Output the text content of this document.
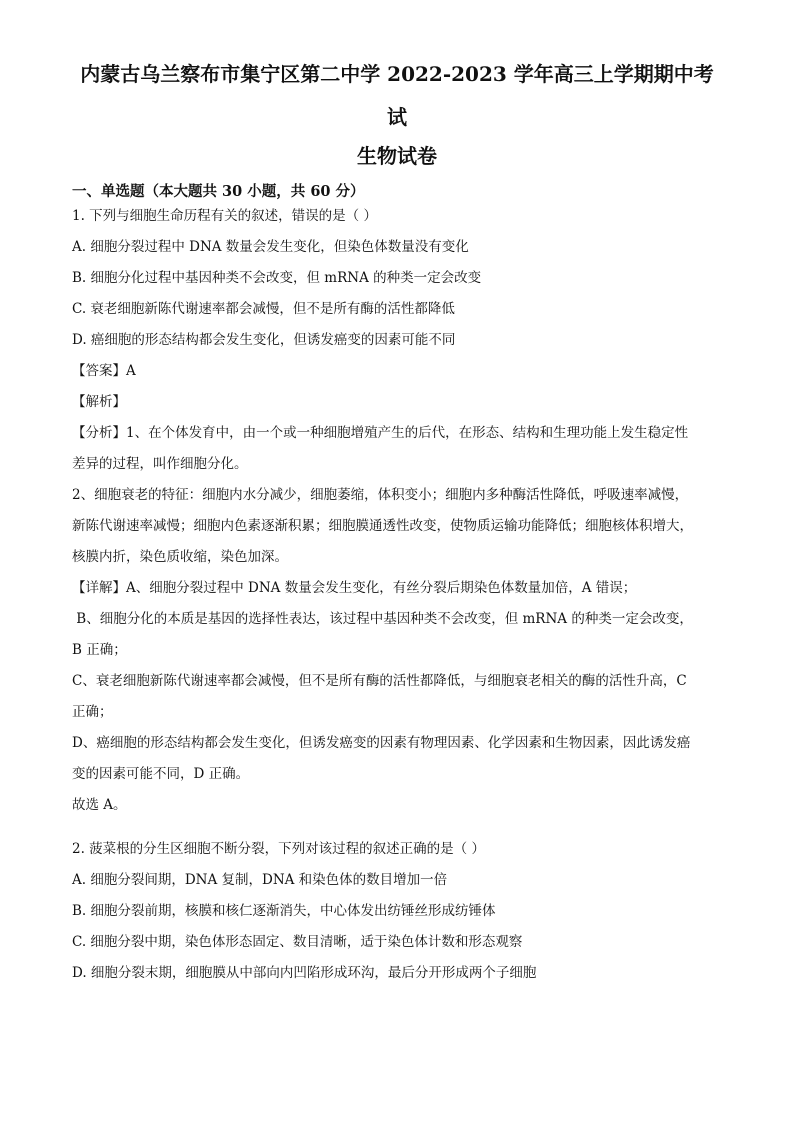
内蒙古乌兰察布市集宁区第二中学 2022-2023 学年高三上学期期中考

试

生物试卷

一、单选题（本大题共 30 小题，共 60 分）

1. 下列与细胞生命历程有关的叙述，错误的是（ ）

A. 细胞分裂过程中 DNA 数量会发生变化，但染色体数量没有变化

B. 细胞分化过程中基因种类不会改变，但 mRNA 的种类一定会改变

C. 衰老细胞新陈代谢速率都会减慢，但不是所有酶的活性都降低

D. 癌细胞的形态结构都会发生变化，但诱发癌变的因素可能不同

【答案】A

【解析】

【分析】1、在个体发育中，由一个或一种细胞增殖产生的后代，在形态、结构和生理功能上发生稳定性

差异的过程，叫作细胞分化。

2、细胞衰老的特征：细胞内水分减少，细胞萎缩，体积变小；细胞内多种酶活性降低，呼吸速率减慢，

新陈代谢速率减慢；细胞内色素逐渐积累；细胞膜通透性改变，使物质运输功能降低；细胞核体积增大，

核膜内折，染色质收缩，染色加深。

【详解】A、细胞分裂过程中 DNA 数量会发生变化，有丝分裂后期染色体数量加倍，A 错误；

B、细胞分化的本质是基因的选择性表达，该过程中基因种类不会改变，但 mRNA 的种类一定会改变，

B 正确；

C、衰老细胞新陈代谢速率都会减慢，但不是所有酶的活性都降低，与细胞衰老相关的酶的活性升高，C

正确；

D、癌细胞的形态结构都会发生变化，但诱发癌变的因素有物理因素、化学因素和生物因素，因此诱发癌

变的因素可能不同，D 正确。

故选 A。

2. 菠菜根的分生区细胞不断分裂，下列对该过程的叙述正确的是（ ）

A. 细胞分裂间期，DNA 复制，DNA 和染色体的数目增加一倍

B. 细胞分裂前期，核膜和核仁逐渐消失，中心体发出纺锤丝形成纺锤体

C. 细胞分裂中期，染色体形态固定、数目清晰，适于染色体计数和形态观察

D. 细胞分裂末期，细胞膜从中部向内凹陷形成环沟，最后分开形成两个子细胞
